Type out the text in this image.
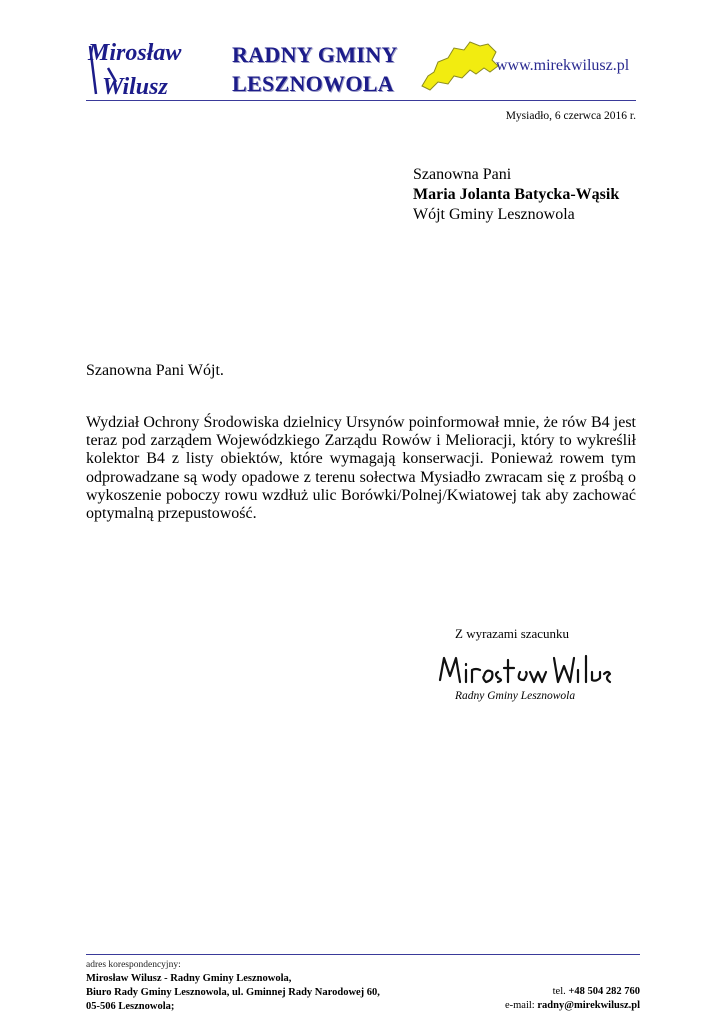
Mirosław
Wilusz
RADNY GMINY
LESZNOWOLA
www.mirekwilusz.pl
Mysiadło, 6 czerwca 2016 r.
Szanowna Pani
Maria Jolanta Batycka-Wąsik
Wójt Gminy Lesznowola
Szanowna Pani Wójt.
Wydział Ochrony Środowiska dzielnicy Ursynów poinformował mnie, że rów B4 jest teraz pod zarządem Wojewódzkiego Zarządu Rowów i Melioracji, który to wykreślił kolektor B4 z listy obiektów, które wymagają konserwacji. Ponieważ rowem tym odprowadzane są wody opadowe z terenu sołectwa Mysiadło zwracam się z prośbą o wykoszenie poboczy rowu wzdłuż ulic Borówki/Polnej/Kwiatowej tak aby zachować optymalną przepustowość.
Z wyrazami szacunku
Radny Gminy Lesznowola
adres korespondencyjny:
Mirosław Wilusz - Radny Gminy Lesznowola,
Biuro Rady Gminy Lesznowola, ul. Gminnej Rady Narodowej 60,
05-506 Lesznowola;
tel. +48 504 282 760
e-mail: radny@mirekwilusz.pl
